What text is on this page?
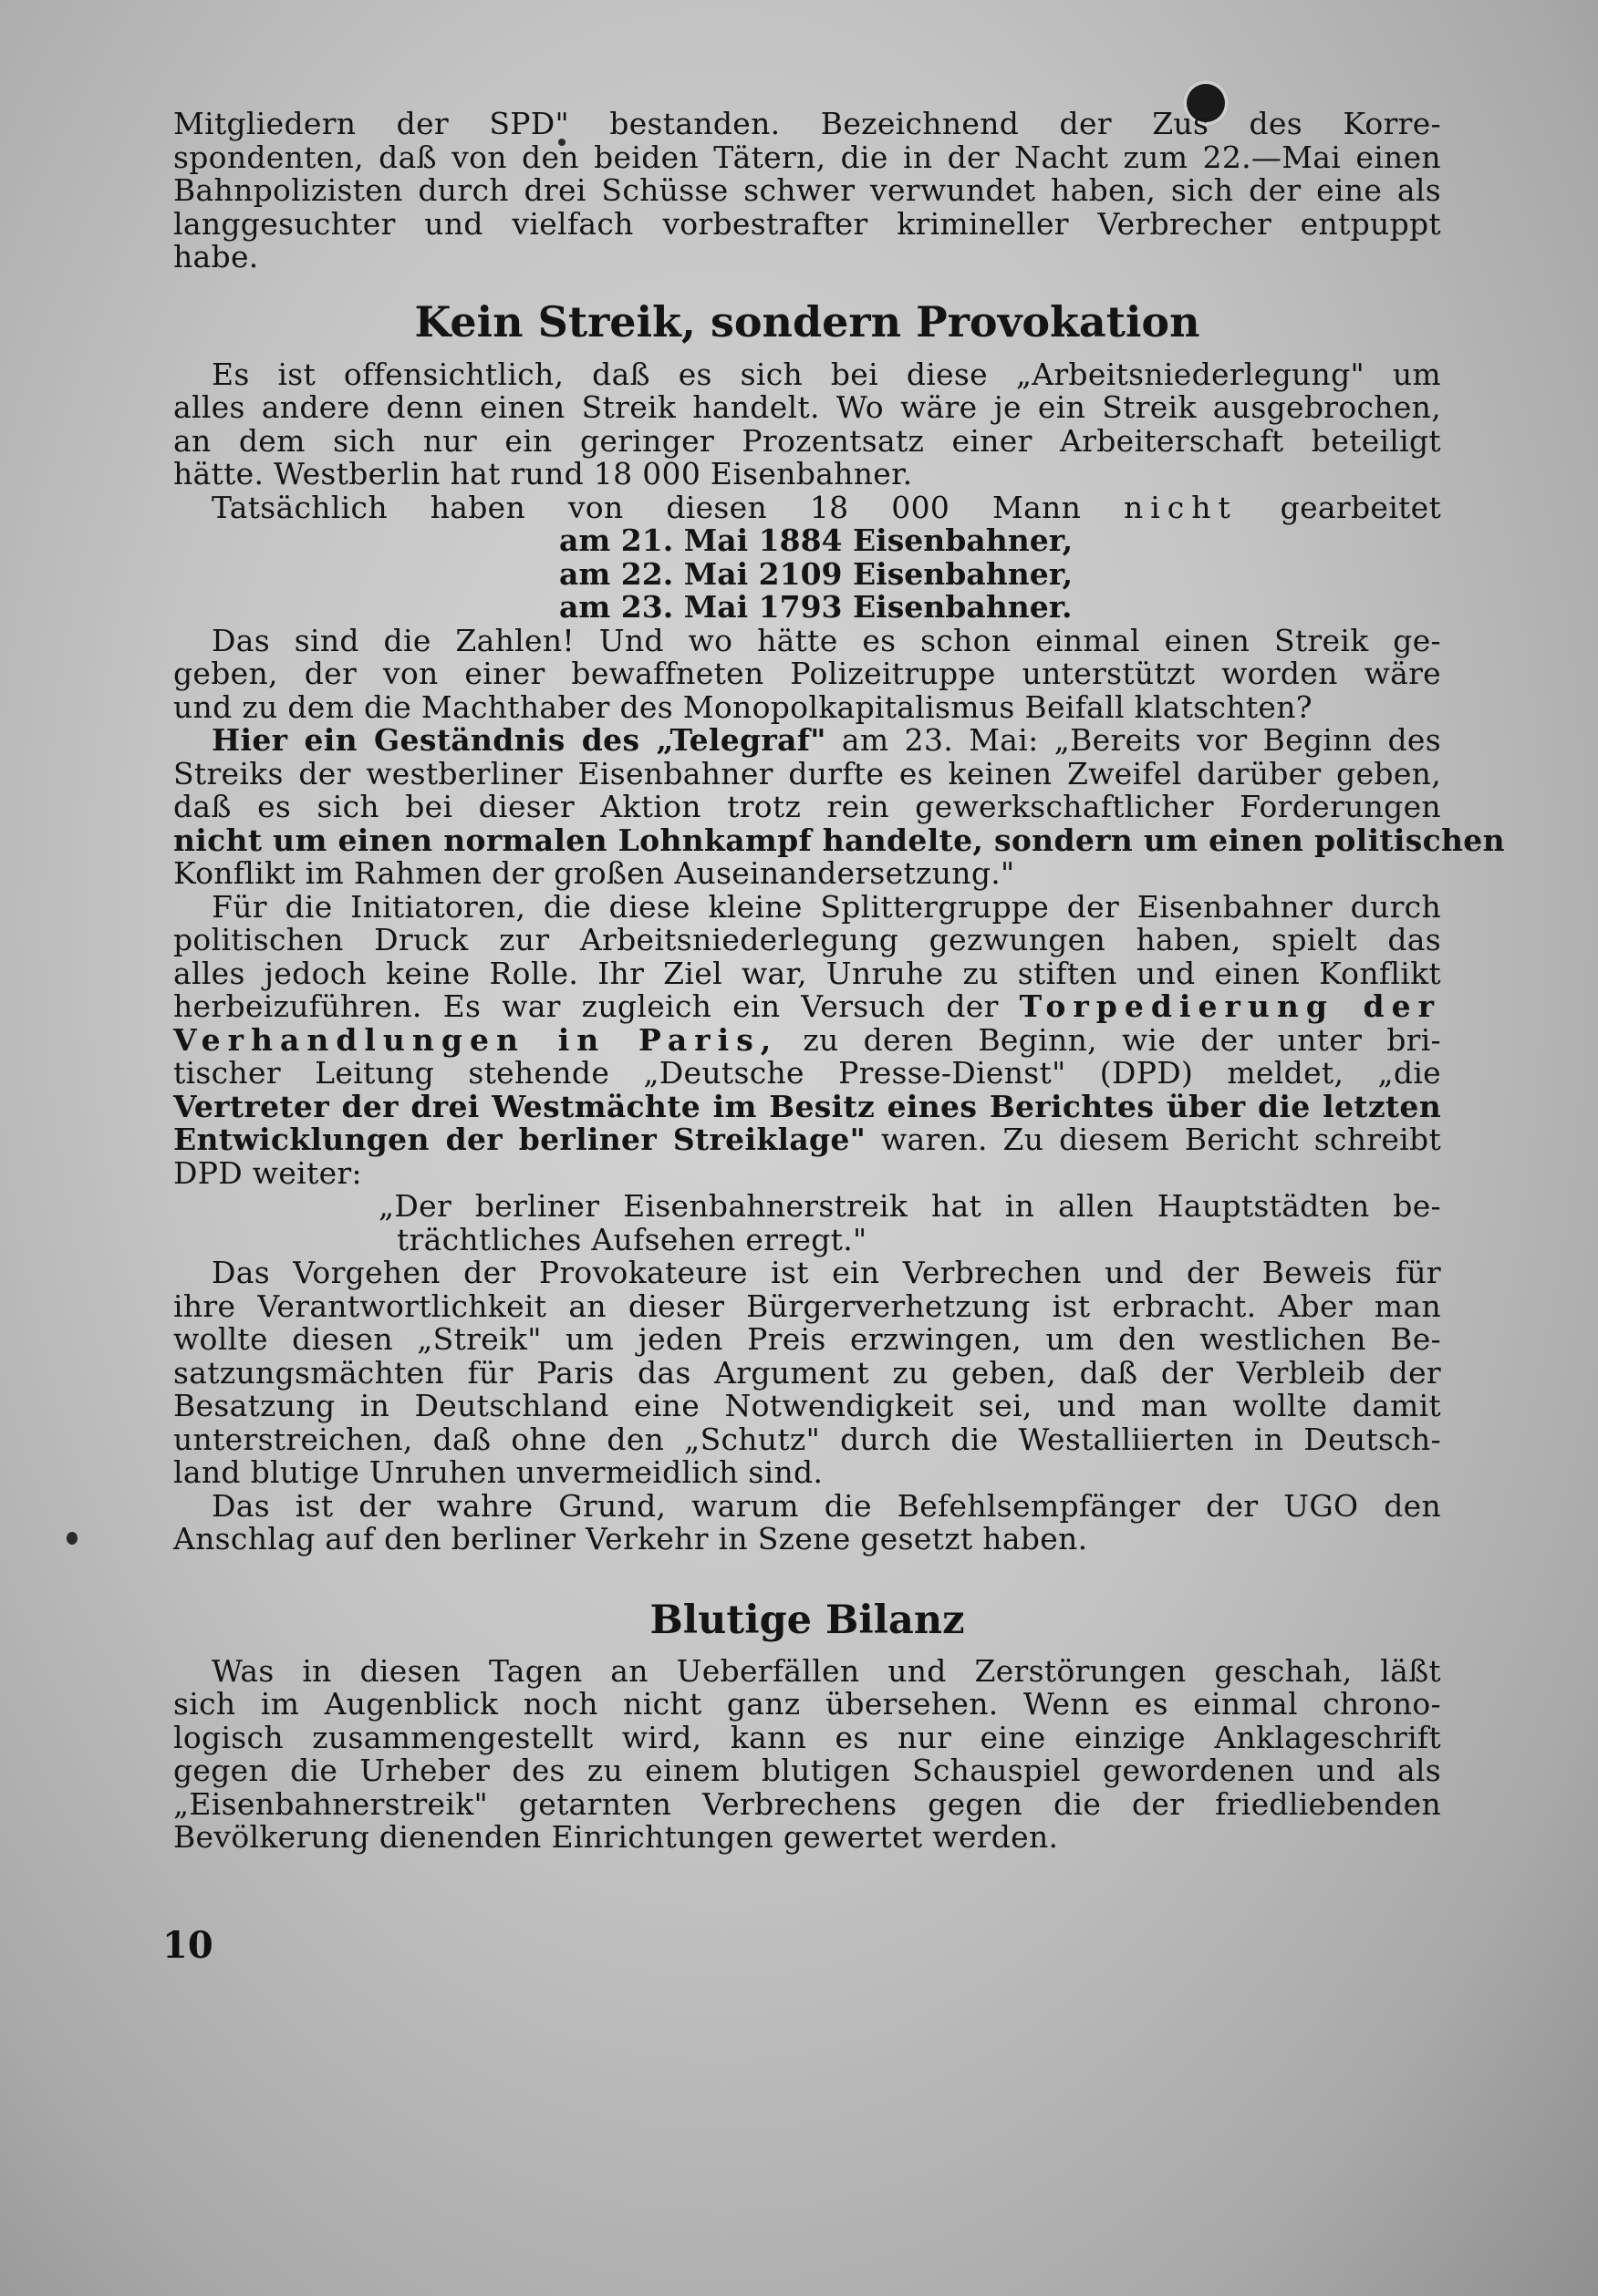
Mitgliedern der SPD" bestanden. Bezeichnend der Zus des Korre-
spondenten, daß von den beiden Tätern, die in der Nacht zum 22.—Mai einen
Bahnpolizisten durch drei Schüsse schwer verwundet haben, sich der eine als
langgesuchter und vielfach vorbestrafter krimineller Verbrecher entpuppt
habe.
Kein Streik, sondern Provokation
Es ist offensichtlich, daß es sich bei diese „Arbeitsniederlegung" um
alles andere denn einen Streik handelt. Wo wäre je ein Streik ausgebrochen,
an dem sich nur ein geringer Prozentsatz einer Arbeiterschaft beteiligt
hätte. Westberlin hat rund 18 000 Eisenbahner.
Tatsächlich haben von diesen 18 000 Mann nicht gearbeitet
am 21. Mai 1884 Eisenbahner,
am 22. Mai 2109 Eisenbahner,
am 23. Mai 1793 Eisenbahner.
Das sind die Zahlen! Und wo hätte es schon einmal einen Streik ge-
geben, der von einer bewaffneten Polizeitruppe unterstützt worden wäre
und zu dem die Machthaber des Monopolkapitalismus Beifall klatschten?
Hier ein Geständnis des „Telegraf" am 23. Mai: „Bereits vor Beginn des
Streiks der westberliner Eisenbahner durfte es keinen Zweifel darüber geben,
daß es sich bei dieser Aktion trotz rein gewerkschaftlicher Forderungen
nicht um einen normalen Lohnkampf handelte, sondern um einen politischen
Konflikt im Rahmen der großen Auseinandersetzung."
Für die Initiatoren, die diese kleine Splittergruppe der Eisenbahner durch
politischen Druck zur Arbeitsniederlegung gezwungen haben, spielt das
alles jedoch keine Rolle. Ihr Ziel war, Unruhe zu stiften und einen Konflikt
herbeizuführen. Es war zugleich ein Versuch der Torpedierung der
Verhandlungen in Paris, zu deren Beginn, wie der unter bri-
tischer Leitung stehende „Deutsche Presse-Dienst" (DPD) meldet, „die
Vertreter der drei Westmächte im Besitz eines Berichtes über die letzten
Entwicklungen der berliner Streiklage" waren. Zu diesem Bericht schreibt
DPD weiter:
„Der berliner Eisenbahnerstreik hat in allen Hauptstädten be-
trächtliches Aufsehen erregt."
Das Vorgehen der Provokateure ist ein Verbrechen und der Beweis für
ihre Verantwortlichkeit an dieser Bürgerverhetzung ist erbracht. Aber man
wollte diesen „Streik" um jeden Preis erzwingen, um den westlichen Be-
satzungsmächten für Paris das Argument zu geben, daß der Verbleib der
Besatzung in Deutschland eine Notwendigkeit sei, und man wollte damit
unterstreichen, daß ohne den „Schutz" durch die Westalliierten in Deutsch-
land blutige Unruhen unvermeidlich sind.
Das ist der wahre Grund, warum die Befehlsempfänger der UGO den
Anschlag auf den berliner Verkehr in Szene gesetzt haben.
Blutige Bilanz
Was in diesen Tagen an Ueberfällen und Zerstörungen geschah, läßt
sich im Augenblick noch nicht ganz übersehen. Wenn es einmal chrono-
logisch zusammengestellt wird, kann es nur eine einzige Anklageschrift
gegen die Urheber des zu einem blutigen Schauspiel gewordenen und als
„Eisenbahnerstreik" getarnten Verbrechens gegen die der friedliebenden
Bevölkerung dienenden Einrichtungen gewertet werden.
10
